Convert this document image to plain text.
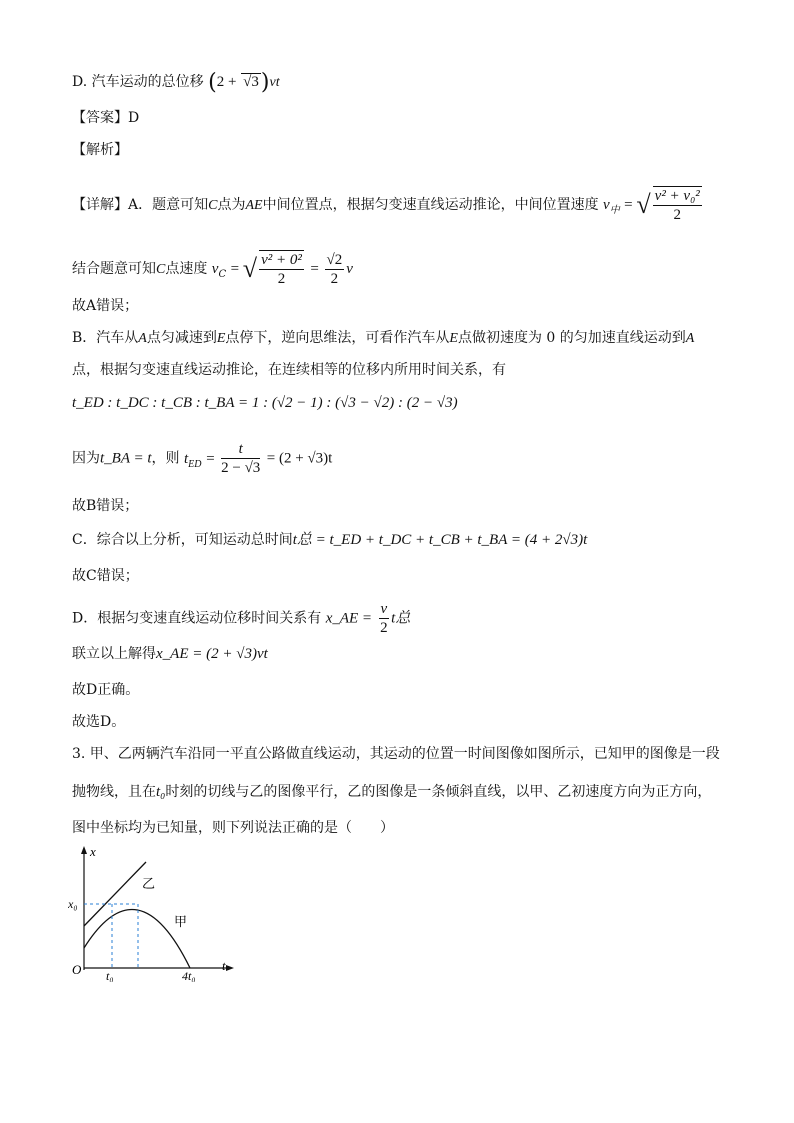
D. 汽车运动的总位移 (2 + √3)vt
【答案】D
【解析】
【详解】A．题意可知C点为AE中间位置点，根据匀变速直线运动推论，中间位置速度 $v_中$ = √ $\frac{\text{v² + v₀²}}{2}$
结合题意可知C点速度 $v_C$ = √ $\frac{\text{v² + 0²}}{2} = \frac{√2}{2}$ v
故A错误；
B．汽车从A点匀减速到E点停下，逆向思维法，可看作汽车从E点做初速度为 0 的匀加速直线运动到A
点，根据匀变速直线运动推论，在连续相等的位移内所用时间关系，有
t_ED : t_DC : t_CB : t_BA = 1 : (√2 − 1) : (√3 − √2) : (2 − √3)
因为t_BA = t，则 $t_{ED} = \frac{t}{2 - √3} = (2 + √3)t$
故B错误；
C．综合以上分析，可知运动总时间t总 = t_ED + t_DC + t_CB + t_BA = (4 + 2√3)t
故C错误；
D．根据匀变速直线运动位移时间关系有 x_AE = $\frac{v}{2}$ t总
联立以上解得x_AE = (2 + √3)vt
故D正确。
故选D。
3. 甲、乙两辆汽车沿同一平直公路做直线运动，其运动的位置一时间图像如图所示，已知甲的图像是一段
抛物线，且在t₀时刻的切线与乙的图像平行，乙的图像是一条倾斜直线，以甲、乙初速度方向为正方向，
图中坐标均为已知量，则下列说法正确的是（　　）
x
t
O
x₀
t₀	4t₀
乙
甲
